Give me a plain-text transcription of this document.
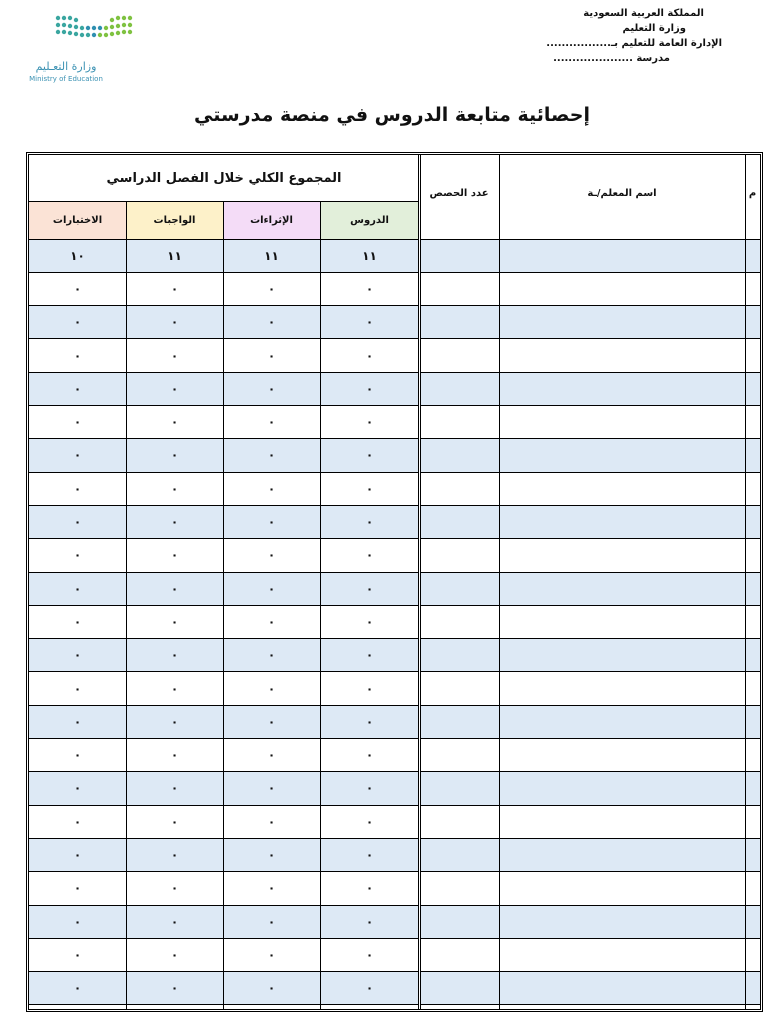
المملكة العربية السعودية
وزارة التعليم
الإدارة العامة للتعليم بـ.................
مدرسة .....................
وزارة التعـليم
Ministry of Education
إحصائية متابعة الدروس في منصة مدرستي
الدروس
الإثراءات
الواجبات
الاختبارات
المجموع الكلي خلال الفصل الدراسي
عدد الحصص	اسم المعلم/ـة	م
١١
١١
١١
١٠
٠
٠
٠
٠
٠
٠
٠
٠
٠
٠
٠
٠
٠
٠
٠
٠
٠
٠
٠
٠
٠
٠
٠
٠
٠
٠
٠
٠
٠
٠
٠
٠
٠
٠
٠
٠
٠
٠
٠
٠
٠
٠
٠
٠
٠
٠
٠
٠
٠
٠
٠
٠
٠
٠
٠
٠
٠
٠
٠
٠
٠
٠
٠
٠
٠
٠
٠
٠
٠
٠
٠
٠
٠
٠
٠
٠
٠
٠
٠
٠
٠
٠
٠
٠
٠
٠
٠
٠
